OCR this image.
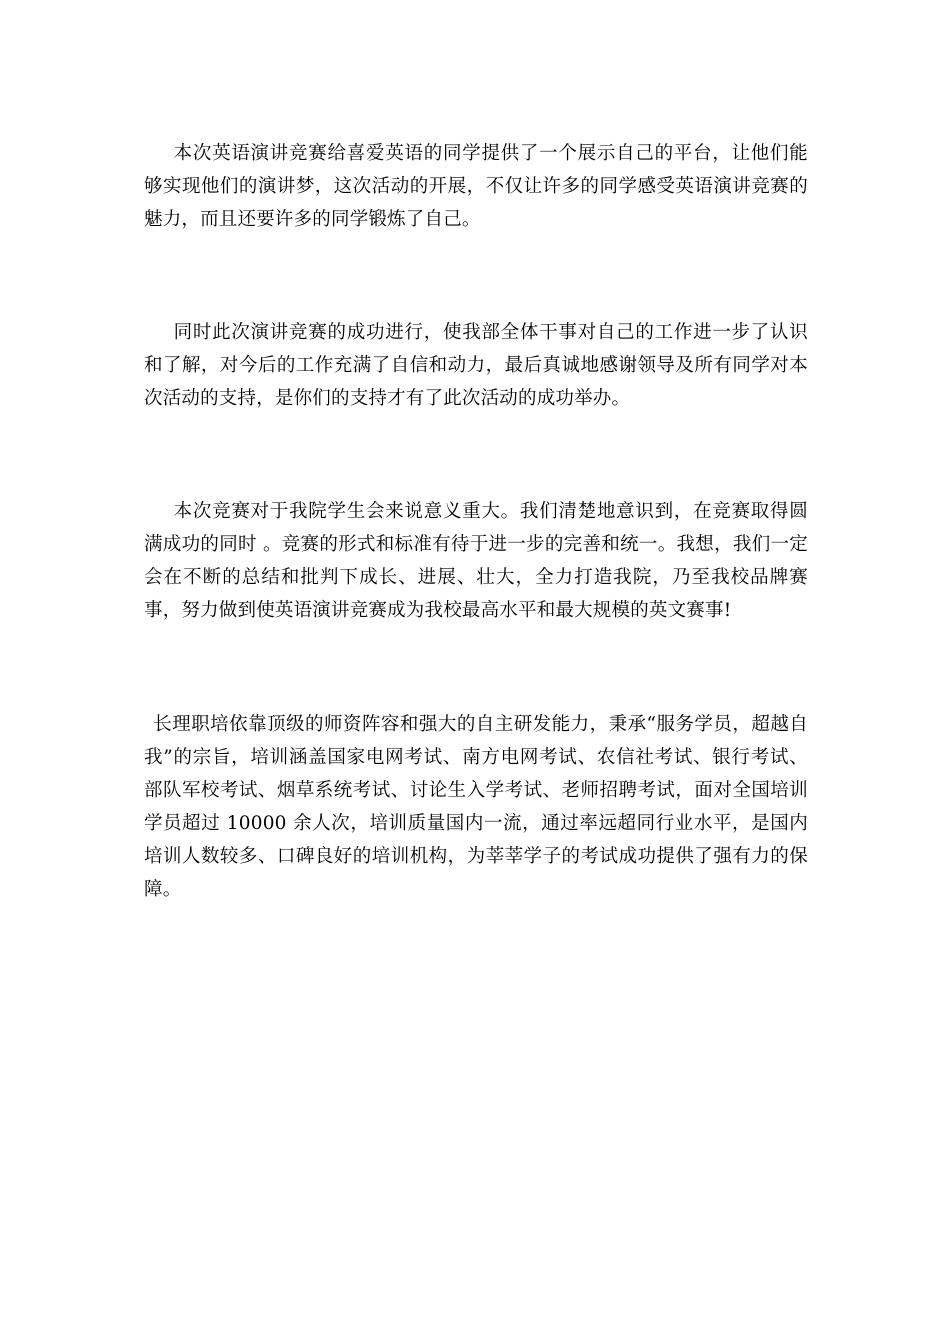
本次英语演讲竞赛给喜爱英语的同学提供了一个展示自己的平台，让他们能够实现他们的演讲梦，这次活动的开展，不仅让许多的同学感受英语演讲竞赛的魅力，而且还要许多的同学锻炼了自己。

同时此次演讲竞赛的成功进行，使我部全体干事对自己的工作进一步了认识和了解，对今后的工作充满了自信和动力，最后真诚地感谢领导及所有同学对本次活动的支持，是你们的支持才有了此次活动的成功举办。

本次竞赛对于我院学生会来说意义重大。我们清楚地意识到，在竞赛取得圆满成功的同时 。竞赛的形式和标准有待于进一步的完善和统一。我想，我们一定会在不断的总结和批判下成长、进展、壮大，全力打造我院，乃至我校品牌赛事，努力做到使英语演讲竞赛成为我校最高水平和最大规模的英文赛事!

长理职培依靠顶级的师资阵容和强大的自主研发能力，秉承“服务学员，超越自我”的宗旨，培训涵盖国家电网考试、南方电网考试、农信社考试、银行考试、部队军校考试、烟草系统考试、讨论生入学考试、老师招聘考试，面对全国培训学员超过 10000 余人次，培训质量国内一流，通过率远超同行业水平，是国内培训人数较多、口碑良好的培训机构，为莘莘学子的考试成功提供了强有力的保障。
